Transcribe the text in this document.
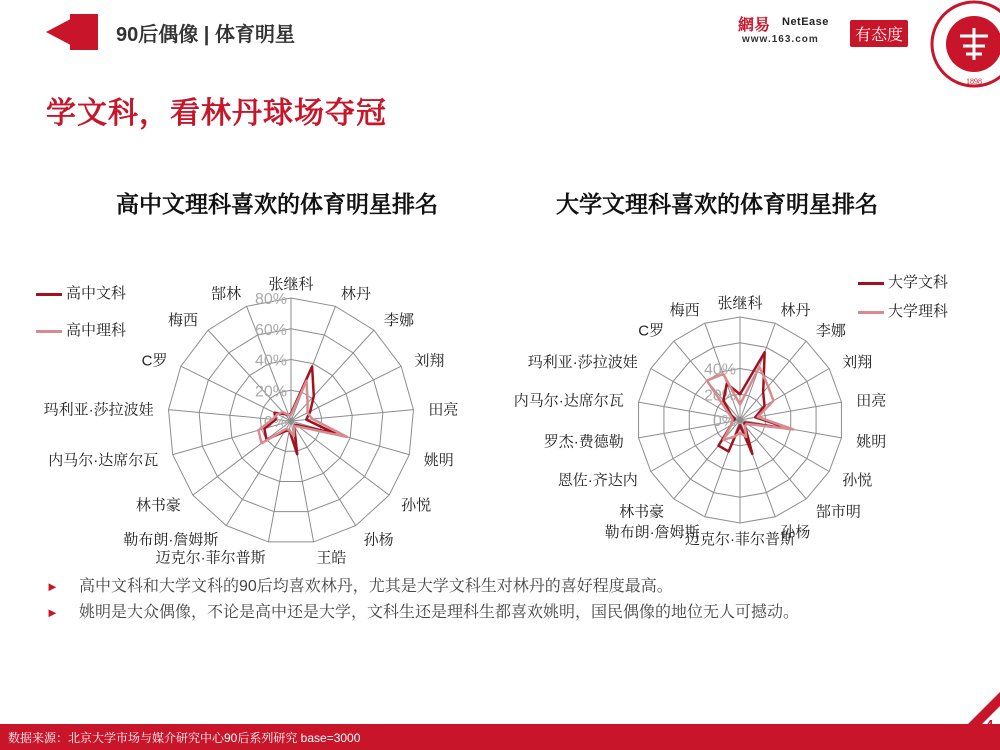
90后偶像 | 体育明星	網易 NetEase
www.163.com	有态度
1898
学文科，看林丹球场夺冠
高中文理科喜欢的体育明星排名	大学文理科喜欢的体育明星排名
高中文科
高中理科
大学文科
大学理科
0%
20%
40%
60%
80%
张继科
林丹
李娜
刘翔
田亮
姚明
孙悦
孙杨
王皓
迈克尔·菲尔普斯
勒布朗·詹姆斯
林书豪
内马尔·达席尔瓦
玛利亚·莎拉波娃
C罗
梅西
郜林
0%
20%
40%
张继科 林丹
李娜
刘翔
田亮
姚明
孙悦
郜市明
孙杨
迈克尔·菲尔普斯
勒布朗·詹姆斯
林书豪
恩佐·齐达内
罗杰·费德勒
内马尔·达席尔瓦
玛利亚·莎拉波娃
C罗
梅西
► 高中文科和大学文科的90后均喜欢林丹，尤其是大学文科生对林丹的喜好程度最高。
► 姚明是大众偶像，不论是高中还是大学，文科生还是理科生都喜欢姚明，国民偶像的地位无人可撼动。
数据来源：北京大学市场与媒介研究中心90后系列研究 base=3000
4
